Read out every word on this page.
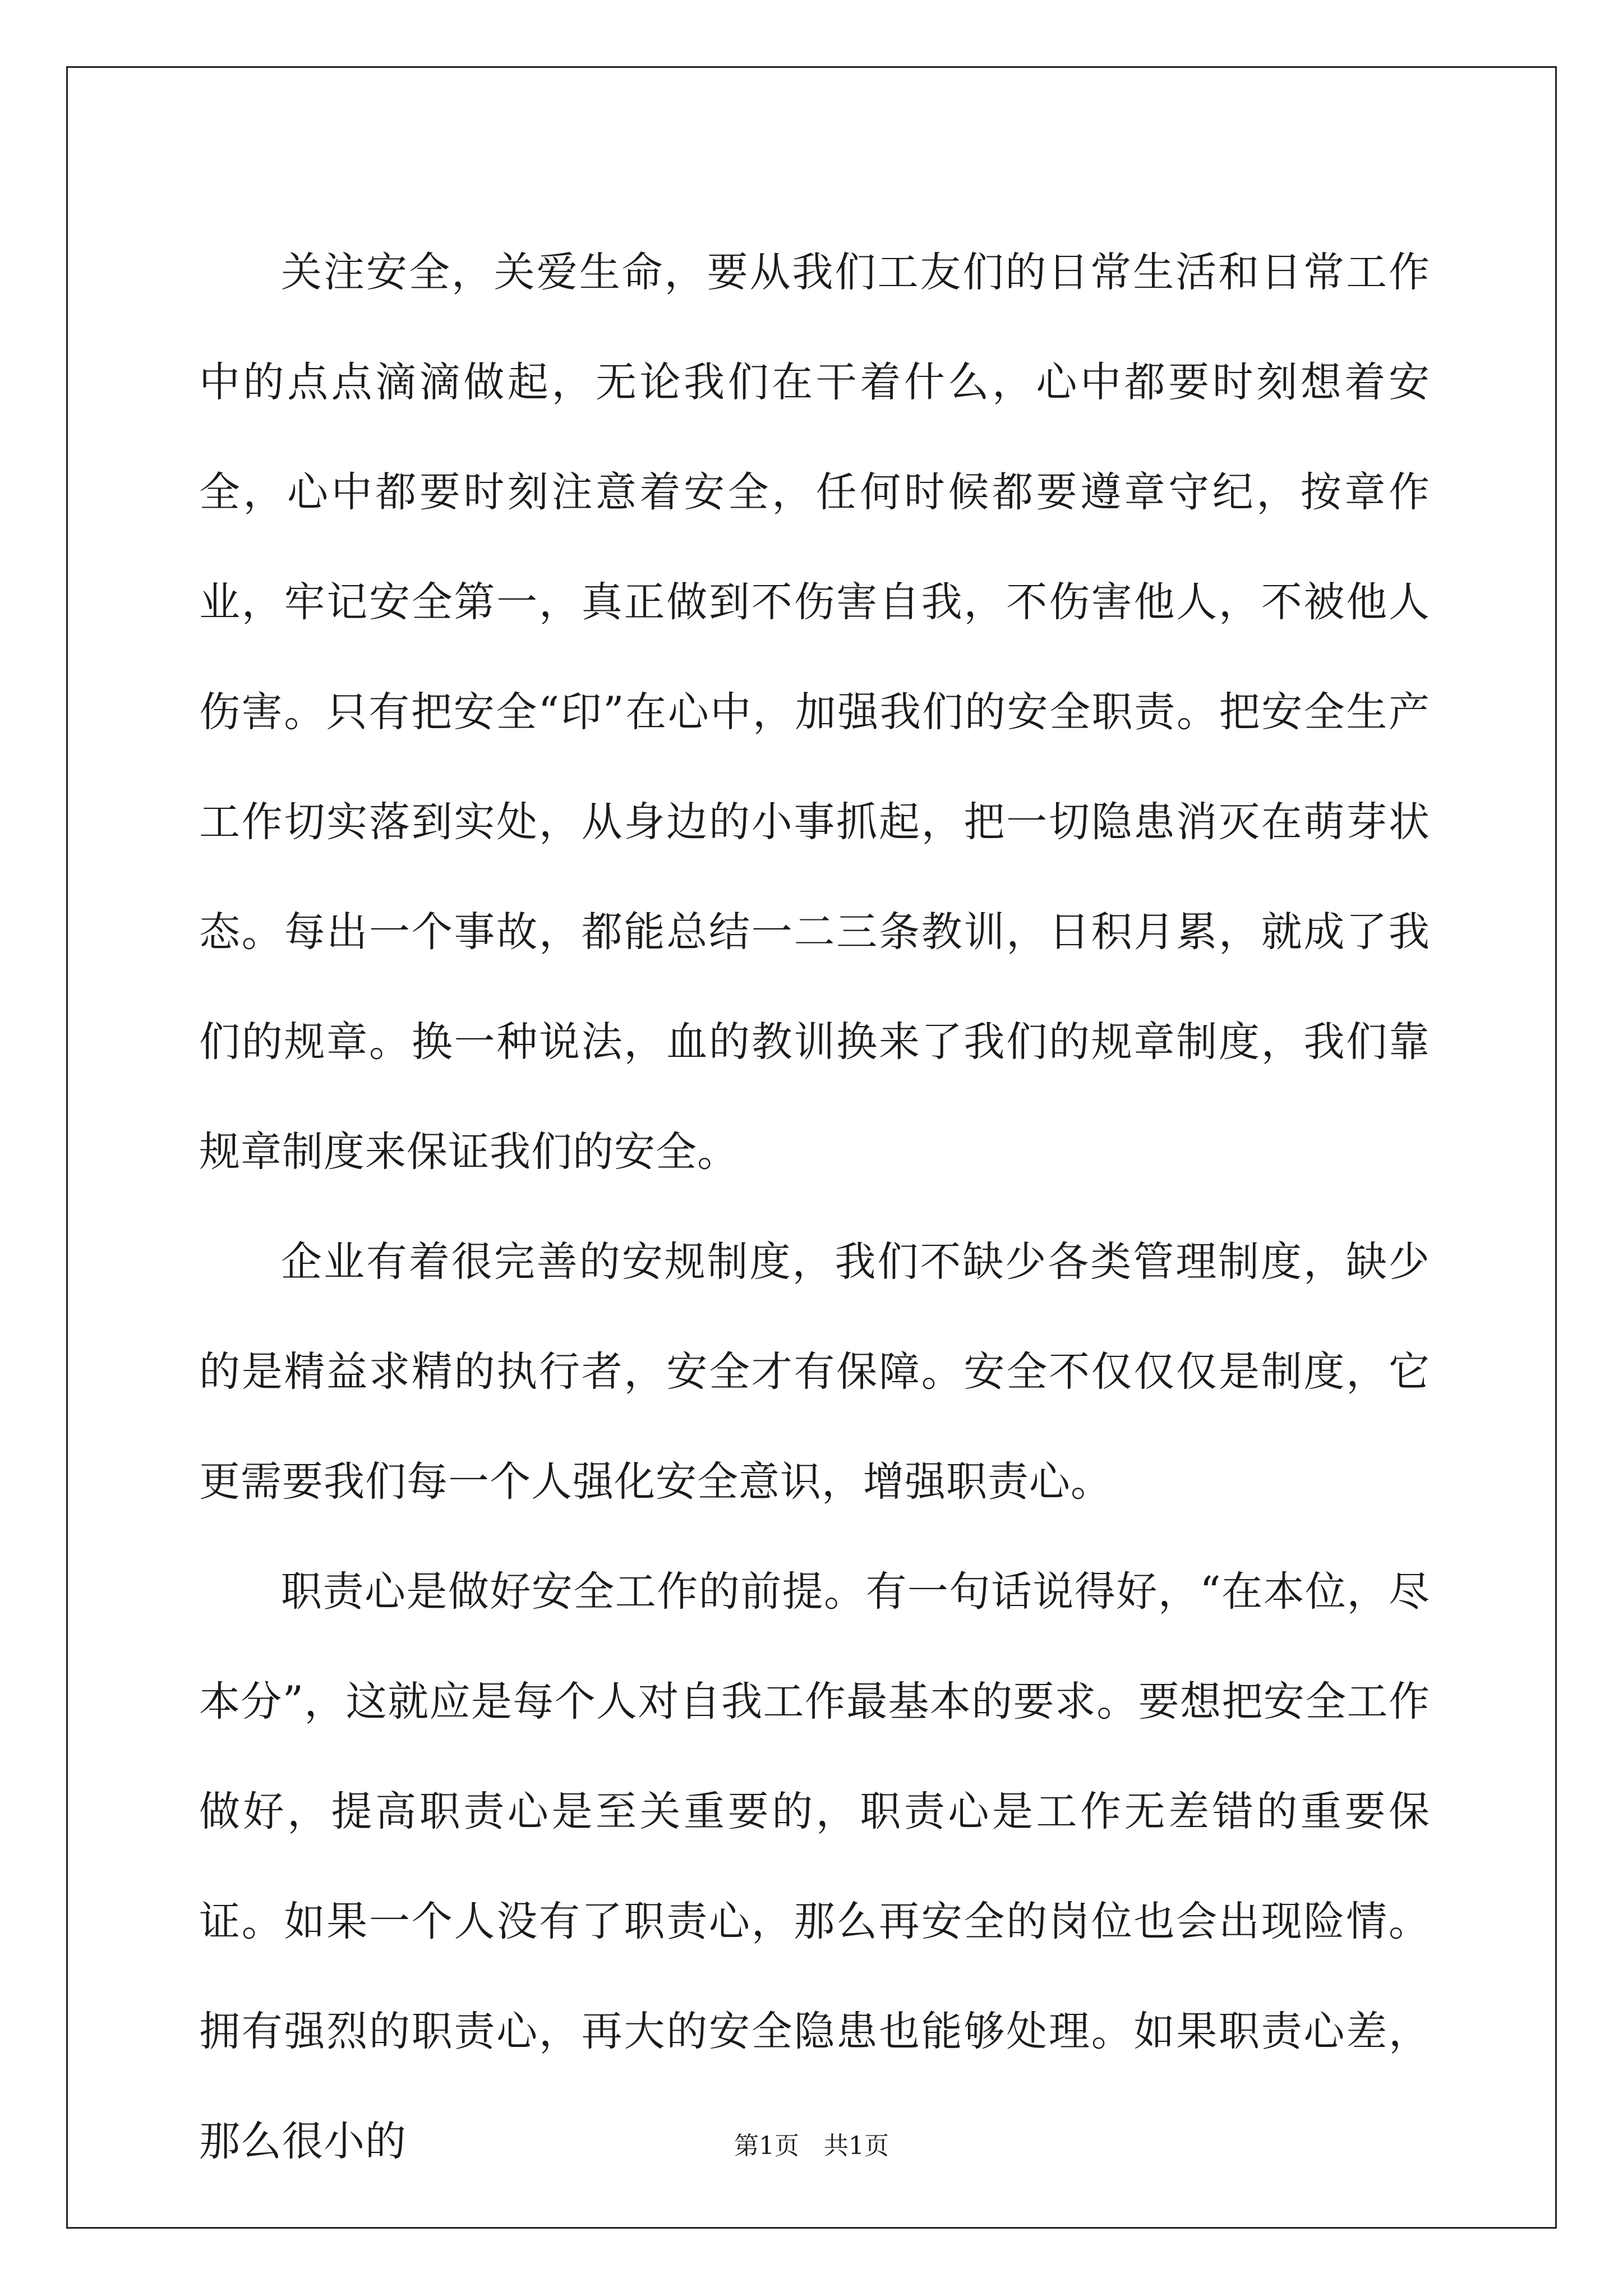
关注安全，关爱生命，要从我们工友们的日常生活和日常工作中的点点滴滴做起，无论我们在干着什么，心中都要时刻想着安全，心中都要时刻注意着安全，任何时候都要遵章守纪，按章作业，牢记安全第一，真正做到不伤害自我，不伤害他人，不被他人伤害。只有把安全“印”在心中，加强我们的安全职责。把安全生产工作切实落到实处，从身边的小事抓起，把一切隐患消灭在萌芽状态。每出一个事故，都能总结一二三条教训，日积月累，就成了我们的规章。换一种说法，血的教训换来了我们的规章制度，我们靠规章制度来保证我们的安全。

企业有着很完善的安规制度，我们不缺少各类管理制度，缺少的是精益求精的执行者，安全才有保障。安全不仅仅仅是制度，它更需要我们每一个人强化安全意识，增强职责心。

职责心是做好安全工作的前提。有一句话说得好，“在本位，尽本分”，这就应是每个人对自我工作最基本的要求。要想把安全工作做好，提高职责心是至关重要的，职责心是工作无差错的重要保证。如果一个人没有了职责心，那么再安全的岗位也会出现险情。拥有强烈的职责心，再大的安全隐患也能够处理。如果职责心差，那么很小的	第1页　共1页
